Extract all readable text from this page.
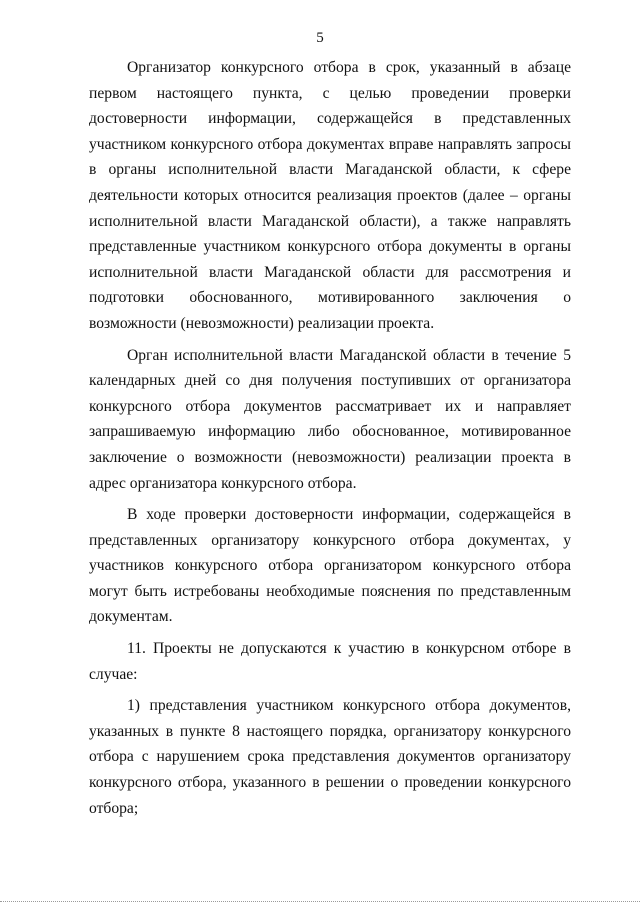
5

Организатор конкурсного отбора в срок, указанный в абзаце первом настоящего пункта, с целью проведении проверки достоверности информации, содержащейся в представленных участником конкурсного отбора документах вправе направлять запросы в органы исполнительной власти Магаданской области, к сфере деятельности которых относится реализация проектов (далее – органы исполнительной власти Магаданской области), а также направлять представленные участником конкурсного отбора документы в органы исполнительной власти Магаданской области для рассмотрения и подготовки обоснованного, мотивированного заключения о возможности (невозможности) реализации проекта.

Орган исполнительной власти Магаданской области в течение 5 календарных дней со дня получения поступивших от организатора конкурсного отбора документов рассматривает их и направляет запрашиваемую информацию либо обоснованное, мотивированное заключение о возможности (невозможности) реализации проекта в адрес организатора конкурсного отбора.

В ходе проверки достоверности информации, содержащейся в представленных организатору конкурсного отбора документах, у участников конкурсного отбора организатором конкурсного отбора могут быть истребованы необходимые пояснения по представленным документам.

11. Проекты не допускаются к участию в конкурсном отборе в случае:

1) представления участником конкурсного отбора документов, указанных в пункте 8 настоящего порядка, организатору конкурсного отбора с нарушением срока представления документов организатору конкурсного отбора, указанного в решении о проведении конкурсного отбора;
